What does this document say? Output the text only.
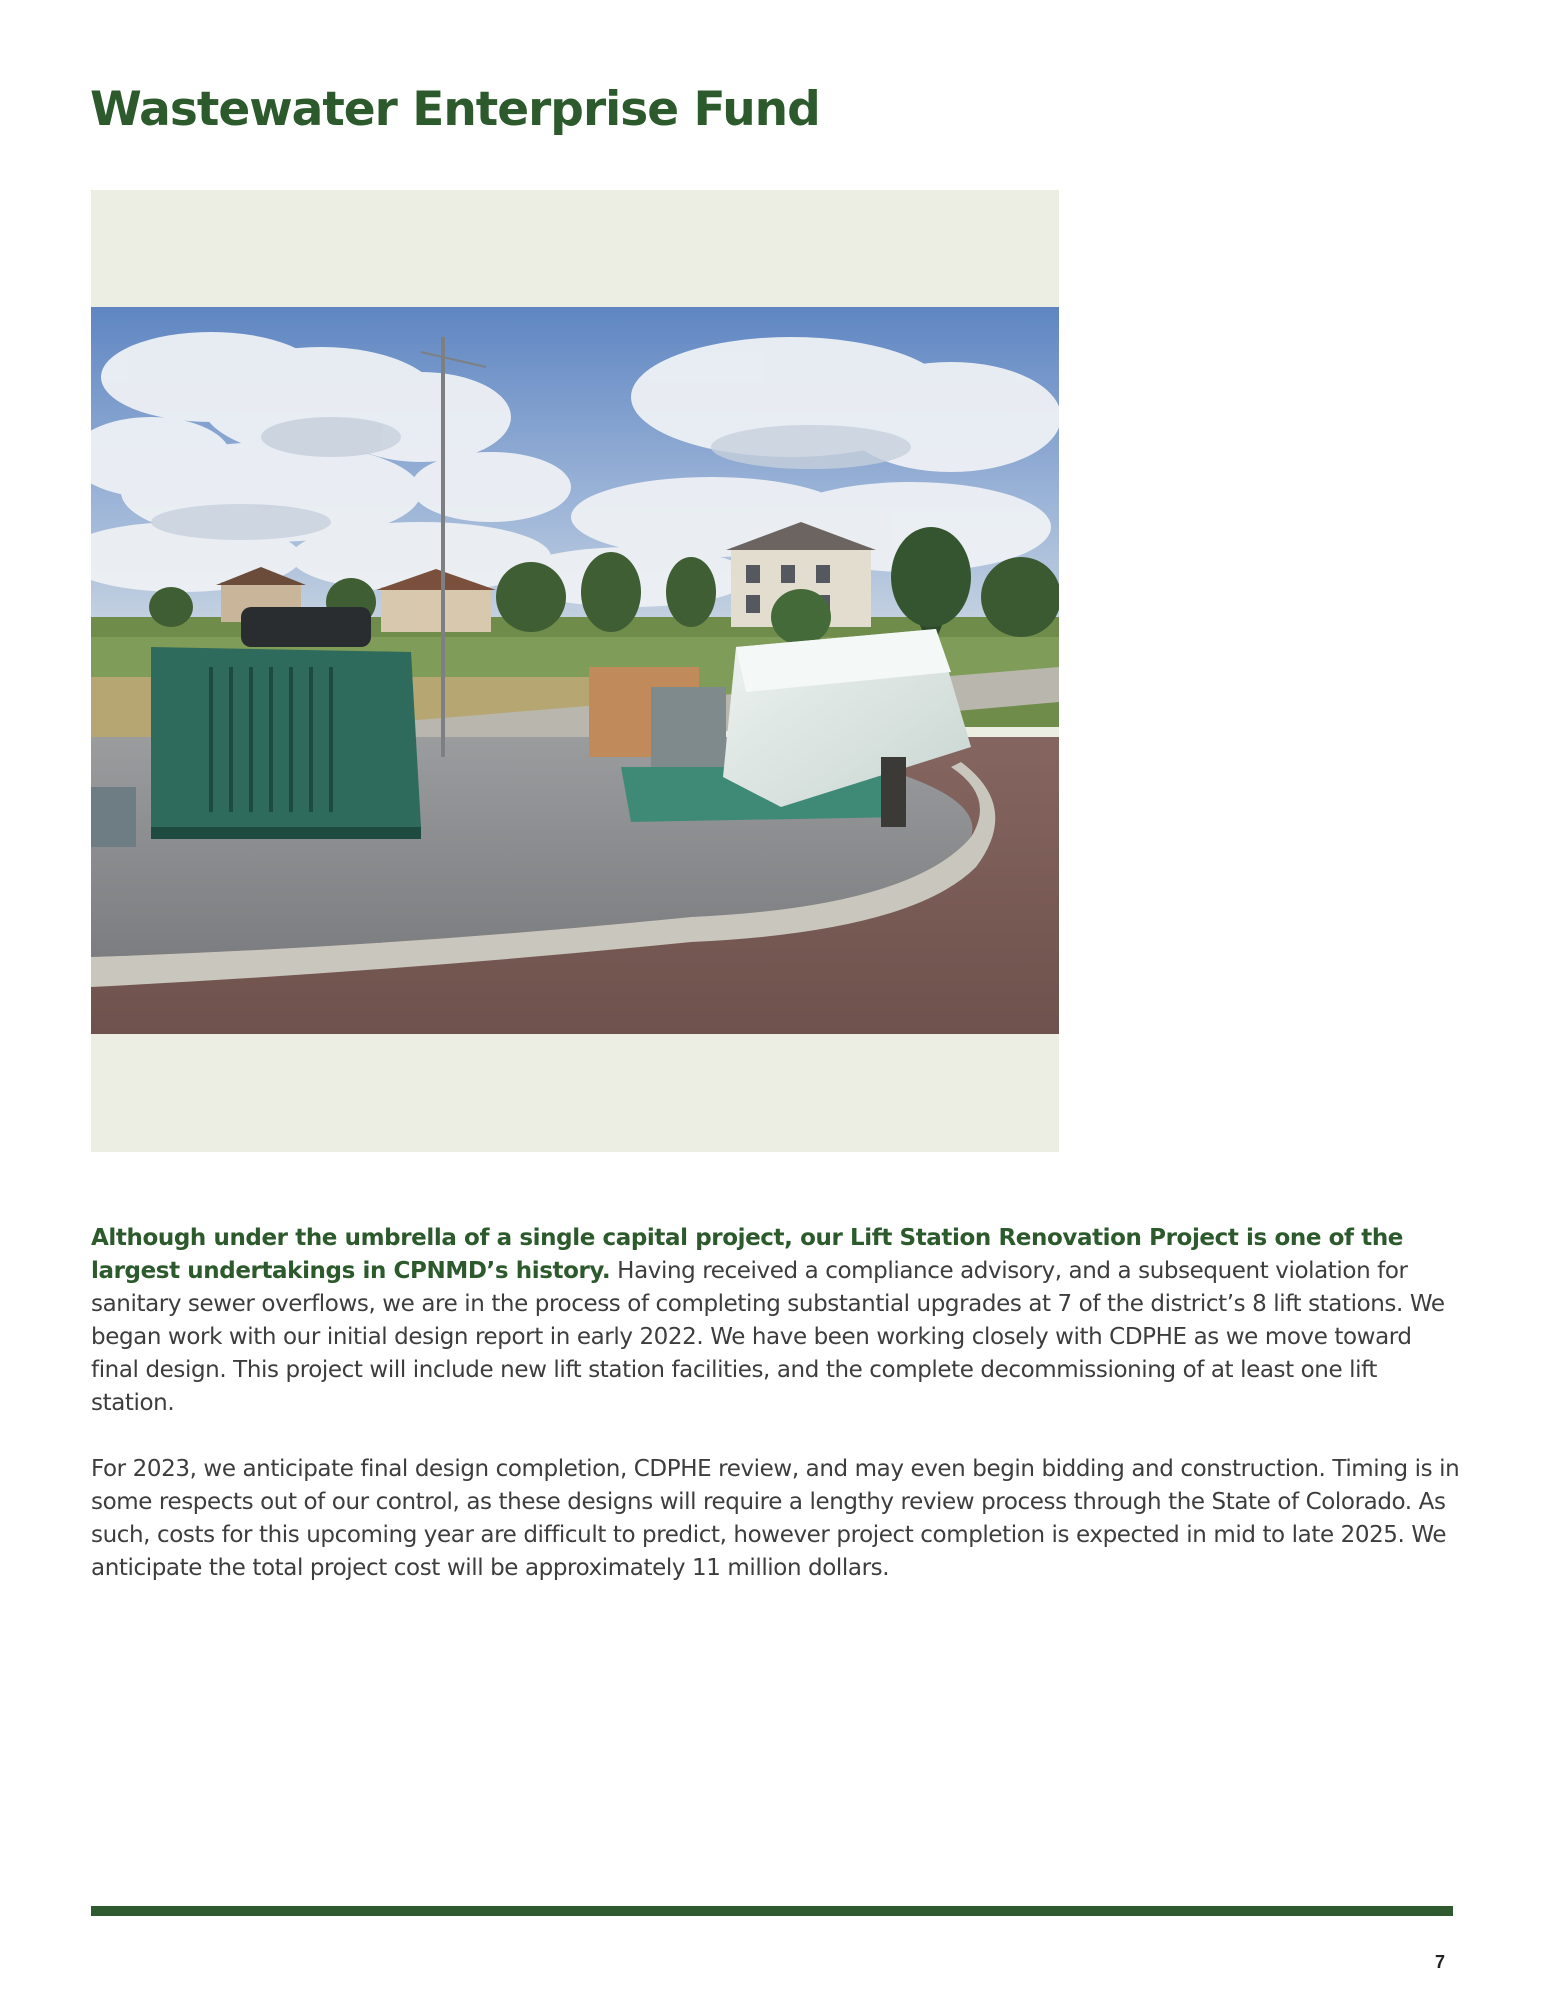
Wastewater Enterprise Fund

Although under the umbrella of a single capital project, our Lift Station Renovation Project is one of the largest undertakings in CPNMD’s history. Having received a compliance advisory, and a subsequent violation for sanitary sewer overflows, we are in the process of completing substantial upgrades at 7 of the district’s 8 lift stations. We began work with our initial design report in early 2022. We have been working closely with CDPHE as we move toward final design. This project will include new lift station facilities, and the complete decommissioning of at least one lift station.

For 2023, we anticipate final design completion, CDPHE review, and may even begin bidding and construction. Timing is in some respects out of our control, as these designs will require a lengthy review process through the State of Colorado. As such, costs for this upcoming year are difficult to predict, however project completion is expected in mid to late 2025. We anticipate the total project cost will be approximately 11 million dollars.

7
